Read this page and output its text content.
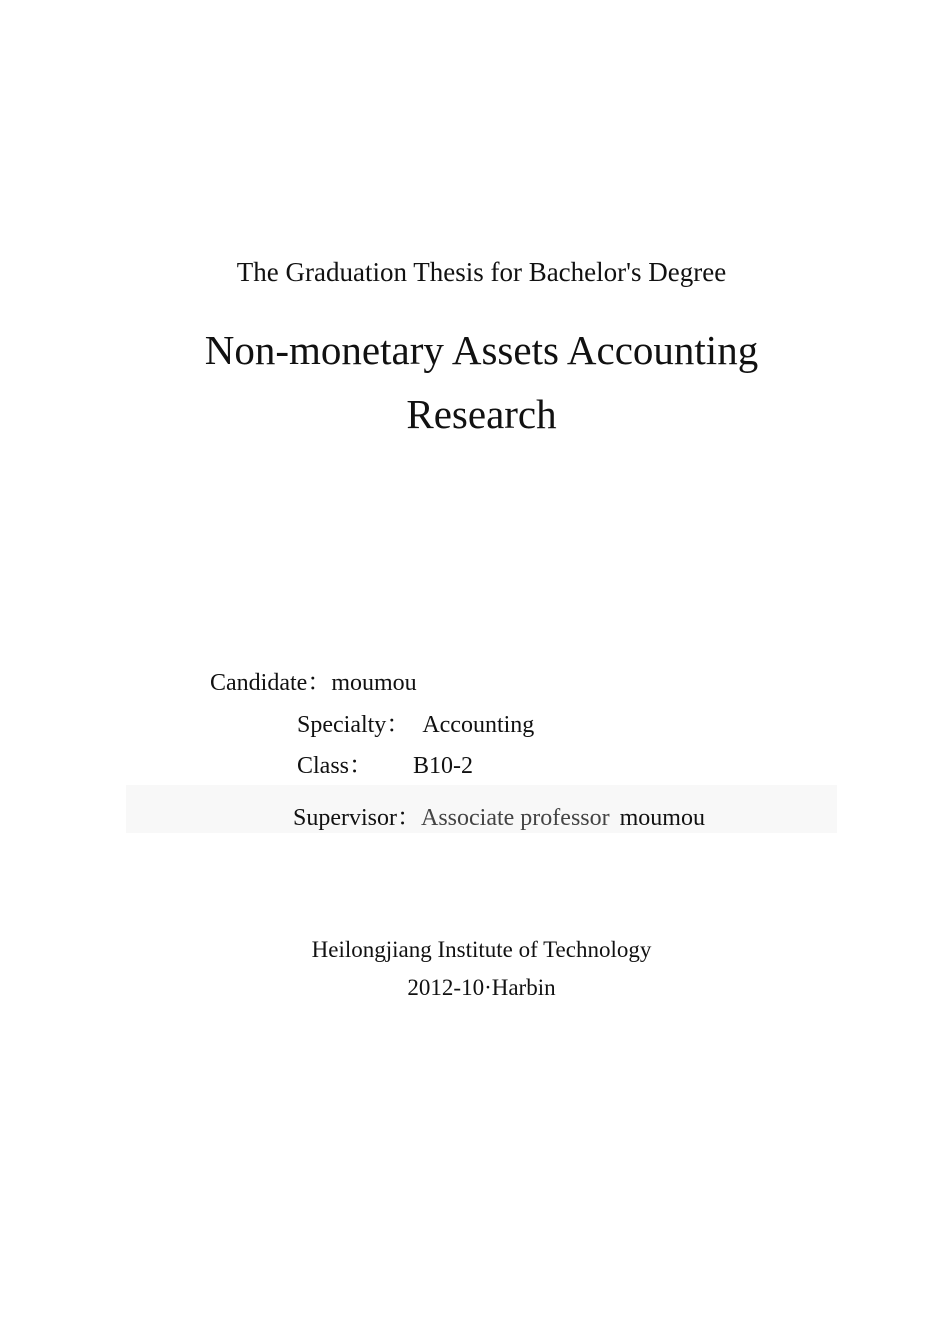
The Graduation Thesis for Bachelor's Degree
Non-monetary Assets Accounting
Research
Candidate：moumou
Specialty： Accounting
Class： B10-2
Supervisor：Associate professor moumou
Heilongjiang Institute of Technology
2012-10·Harbin
